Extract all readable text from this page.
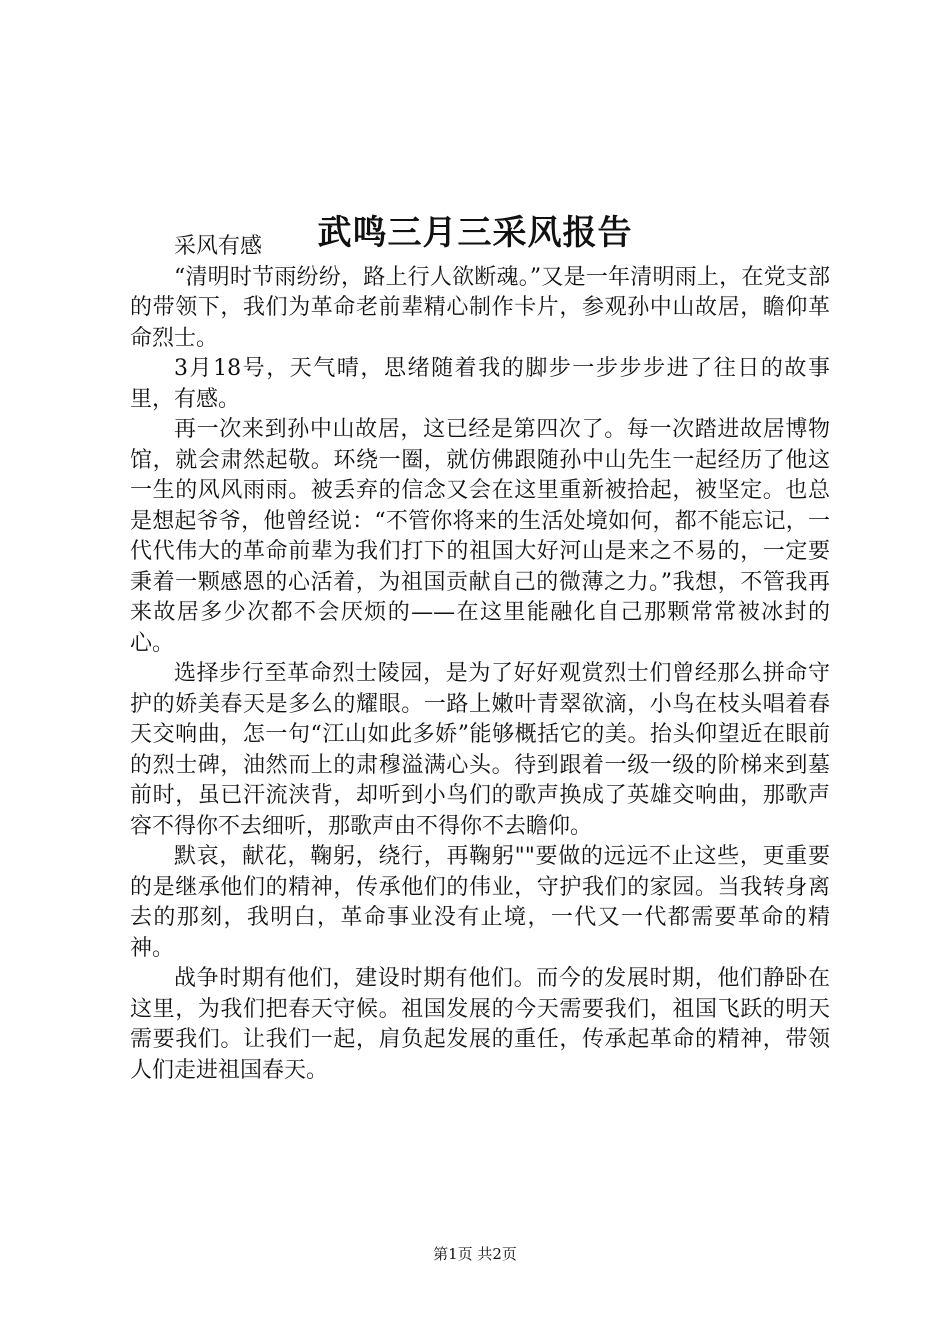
武鸣三月三采风报告

采风有感

“清明时节雨纷纷，路上行人欲断魂。”又是一年清明雨上，在党支部的带领下，我们为革命老前辈精心制作卡片，参观孙中山故居，瞻仰革命烈士。

3月18号，天气晴，思绪随着我的脚步一步步步进了往日的故事里，有感。

再一次来到孙中山故居，这已经是第四次了。每一次踏进故居博物馆，就会肃然起敬。环绕一圈，就仿佛跟随孙中山先生一起经历了他这一生的风风雨雨。被丢弃的信念又会在这里重新被拾起，被坚定。也总是想起爷爷，他曾经说：“不管你将来的生活处境如何，都不能忘记，一代代伟大的革命前辈为我们打下的祖国大好河山是来之不易的，一定要秉着一颗感恩的心活着，为祖国贡献自己的微薄之力。”我想，不管我再来故居多少次都不会厌烦的——在这里能融化自己那颗常常被冰封的心。

选择步行至革命烈士陵园，是为了好好观赏烈士们曾经那么拼命守护的娇美春天是多么的耀眼。一路上嫩叶青翠欲滴，小鸟在枝头唱着春天交响曲，怎一句“江山如此多娇”能够概括它的美。抬头仰望近在眼前的烈士碑，油然而上的肃穆溢满心头。待到跟着一级一级的阶梯来到墓前时，虽已汗流浃背，却听到小鸟们的歌声换成了英雄交响曲，那歌声容不得你不去细听，那歌声由不得你不去瞻仰。

默哀，献花，鞠躬，绕行，再鞠躬""要做的远远不止这些，更重要的是继承他们的精神，传承他们的伟业，守护我们的家园。当我转身离去的那刻，我明白，革命事业没有止境，一代又一代都需要革命的精神。

战争时期有他们，建设时期有他们。而今的发展时期，他们静卧在这里，为我们把春天守候。祖国发展的今天需要我们，祖国飞跃的明天需要我们。让我们一起，肩负起发展的重任，传承起革命的精神，带领人们走进祖国春天。

第1页 共2页
